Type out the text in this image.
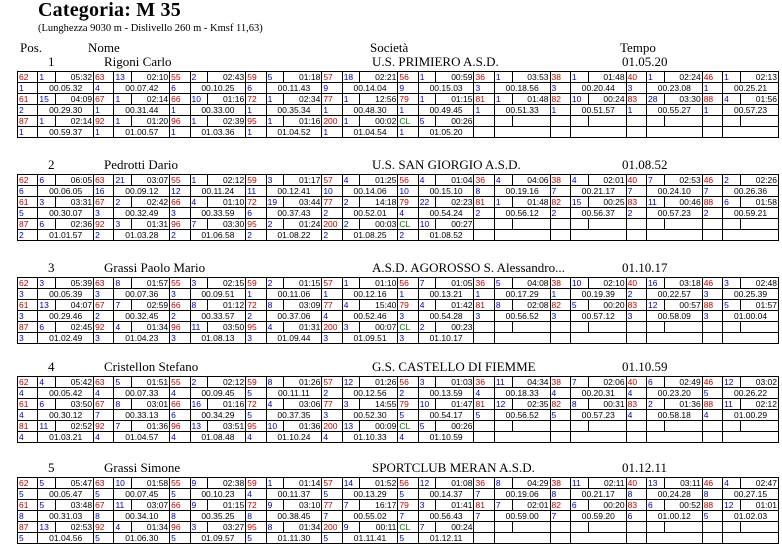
Categoria: M 35
(Lunghezza 9030 m - Dislivello 260 m - Kmsf 11,63)
Pos.	Nome	Società	Tempo
1	Rigoni Carlo	U.S. PRIMIERO A.S.D.	01.05.20
62	1	05:32	63	13	02:10	55	2	02:43	59	5	01:18	57	18	02:21	56	1	00:59	36	1	03:53	38	1	01:48	40	1	02:24	46	1	02:13
1	00.05.32		4	00.07.42		6	00.10.25		6	00.11.43		9	00.14.04		9	00.15.03		3	00.18.56		3	00.20.44		3	00.23.08		1	00.25.21	
61	15	04:09	67	1	02:14	66	10	01:16	72	1	02:34	77	1	12:56	79	1	01:15	81	1	01:48	82	10	00:24	83	28	03:30	88	4	01:56
2	00.29.30		1	00.31.44		1	00.33.00		1	00.35.34		1	00.48.30		1	00.49.45		1	00.51.33		1	00.51.57		1	00.55.27		1	00.57.23	
87	1	02:14	92	1	01:20	96	1	02:39	95	1	01:16	200	1	00:02	CL	5	00:26												
1	00.59.37		1	01.00.57		1	01.03.36		1	01.04.52		1	01.04.54		1	01.05.20													
2	Pedrotti Dario	U.S. SAN GIORGIO A.S.D.	01.08.52
62	6	06:05	63	21	03:07	55	1	02:12	59	3	01:17	57	4	01:25	56	4	01:04	36	4	04:06	38	4	02:01	40	7	02:53	46	2	02:26
6	00.06.05		16	00.09.12		12	00.11.24		11	00.12.41		10	00.14.06		10	00.15.10		8	00.19.16		7	00.21.17		7	00.24.10		7	00.26.36	
61	3	03:31	67	2	02:42	66	4	01:10	72	19	03:44	77	2	14:18	79	22	02:23	81	1	01:48	82	15	00:25	83	11	00:46	88	6	01:58
5	00.30.07		3	00.32.49		3	00.33.59		6	00.37.43		2	00.52.01		4	00.54.24		2	00.56.12		2	00.56.37		2	00.57.23		2	00.59.21	
87	6	02:36	92	3	01:31	96	7	03:30	95	2	01:24	200	2	00:03	CL	10	00:27												
2	01.01.57		2	01.03.28		2	01.06.58		2	01.08.22		2	01.08.25		2	01.08.52													
3	Grassi Paolo Mario	A.S.D. AGOROSSO S. Alessandro...	01.10.17
62	3	05:39	63	8	01:57	55	3	02:15	59	2	01:15	57	1	01:10	56	7	01:05	36	5	04:08	38	10	02:10	40	16	03:18	46	3	02:48
3	00.05.39		3	00.07.36		3	00.09.51		1	00.11.06		1	00.12.16		1	00.13.21		1	00.17.29		1	00.19.39		2	00.22.57		3	00.25.39	
61	13	04:07	67	7	02:59	66	8	01:12	72	8	03:09	77	4	15:40	79	4	01:42	81	8	02:08	82	5	00:20	83	12	00:57	88	5	01:57
3	00.29.46		2	00.32.45		2	00.33.57		2	00.37.06		4	00.52.46		3	00.54.28		3	00.56.52		3	00.57.12		3	00.58.09		3	01.00.04	
87	6	02:45	92	4	01:34	96	11	03:50	95	4	01:31	200	3	00:07	CL	2	00:23												
3	01.02.49		3	01.04.23		3	01.08.13		3	01.09.44		3	01.09.51		3	01.10.17													
4	Cristellon Stefano	G.S. CASTELLO DI FIEMME	01.10.59
62	4	05:42	63	5	01:51	55	2	02:12	59	8	01:26	57	12	01:26	56	3	01:03	36	11	04:34	38	7	02:06	40	6	02:49	46	12	03:02
4	00.05.42		4	00.07.33		4	00.09.45		5	00.11.11		2	00.12.56		2	00.13.59		4	00.18.33		4	00.20.31		4	00.23.20		5	00.26.22	
61	6	03:50	67	8	03:01	66	16	01:16	72	4	03:06	77	3	14:55	79	10	01:47	81	12	02:35	82	8	00:31	83	2	01:36	88	11	02:12
4	00.30.12		7	00.33.13		6	00.34.29		5	00.37.35		3	00.52.30		5	00.54.17		5	00.56.52		5	00.57.23		4	00.58.18		4	01.00.29	
81	11	02:52	92	7	01:36	96	13	03:51	95	10	01:36	200	13	00:09	CL	5	00:26												
4	01.03.21		4	01.04.57		4	01.08.48		4	01.10.24		4	01.10.33		4	01.10.59													
5	Grassi Simone	SPORTCLUB MERAN A.S.D.	01.12.11
62	5	05:47	63	10	01:58	55	9	02:38	59	1	01:14	57	14	01:52	56	12	01:08	36	8	04:29	38	11	02:11	40	13	03:11	46	4	02:47
5	00.05.47		5	00.07.45		5	00.10.23		4	00.11.37		5	00.13.29		5	00.14.37		7	00.19.06		8	00.21.17		8	00.24.28		8	00.27.15	
61	5	03:48	67	11	03:07	66	9	01:15	72	9	03:10	77	7	16:17	79	3	01:41	81	7	02:01	82	6	00:20	83	6	00:52	88	12	01:01
8	00.31.03		8	00.34.10		8	00.35.25		8	00.38.45		7	00.55.02		7	00.56.43		7	00.59.00		7	00.59.20		6	01.00.12		5	01.02.03	
87	13	02:53	92	4	01:34	96	3	03:27	95	8	01:34	200	9	00:11	CL	7	00:24												
5	01.04.56		5	01.06.30		5	01.09.57		5	01.11.30		5	01.11.41		5	01.12.11													
